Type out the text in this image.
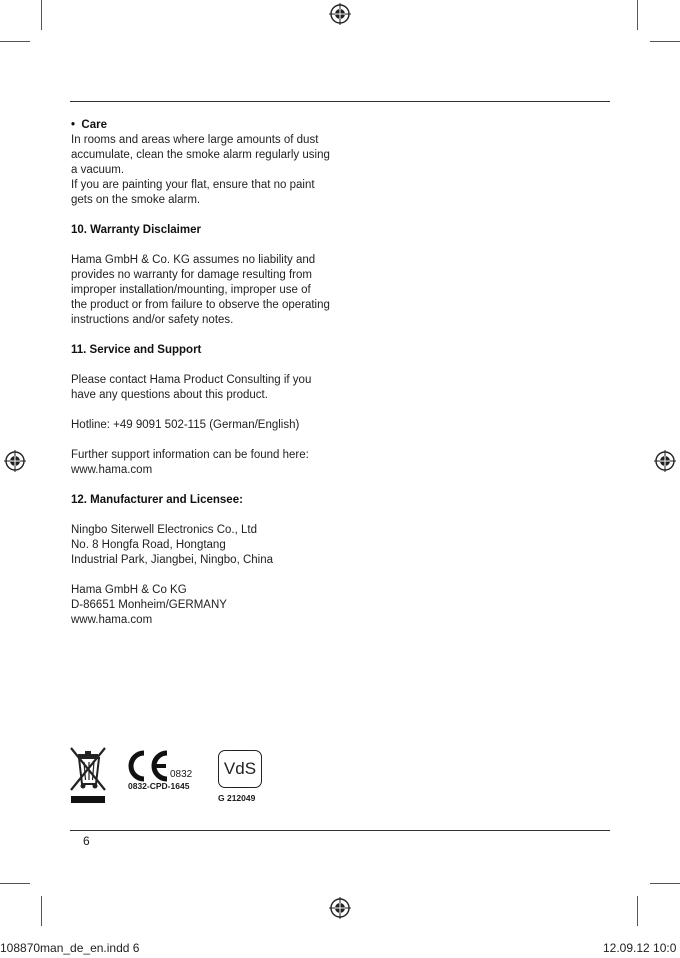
•  Care
In rooms and areas where large amounts of dust
accumulate, clean the smoke alarm regularly using
a vacuum.
If you are painting your flat, ensure that no paint
gets on the smoke alarm.
10. Warranty Disclaimer
Hama GmbH & Co. KG assumes no liability and
provides no warranty for damage resulting from
improper installation/mounting, improper use of
the product or from failure to observe the operating
instructions and/or safety notes.
11. Service and Support
Please contact Hama Product Consulting if you
have any questions about this product.
Hotline: +49 9091 502-115 (German/English)
Further support information can be found here:
www.hama.com
12. Manufacturer and Licensee:
Ningbo Siterwell Electronics Co., Ltd
No. 8 Hongfa Road, Hongtang
Industrial Park, Jiangbei, Ningbo, China
Hama GmbH & Co KG
D-86651 Monheim/GERMANY
www.hama.com
0832
0832-CPD-1645
VdS
G 212049
6
108870man_de_en.indd 6	12.09.12 10:0
